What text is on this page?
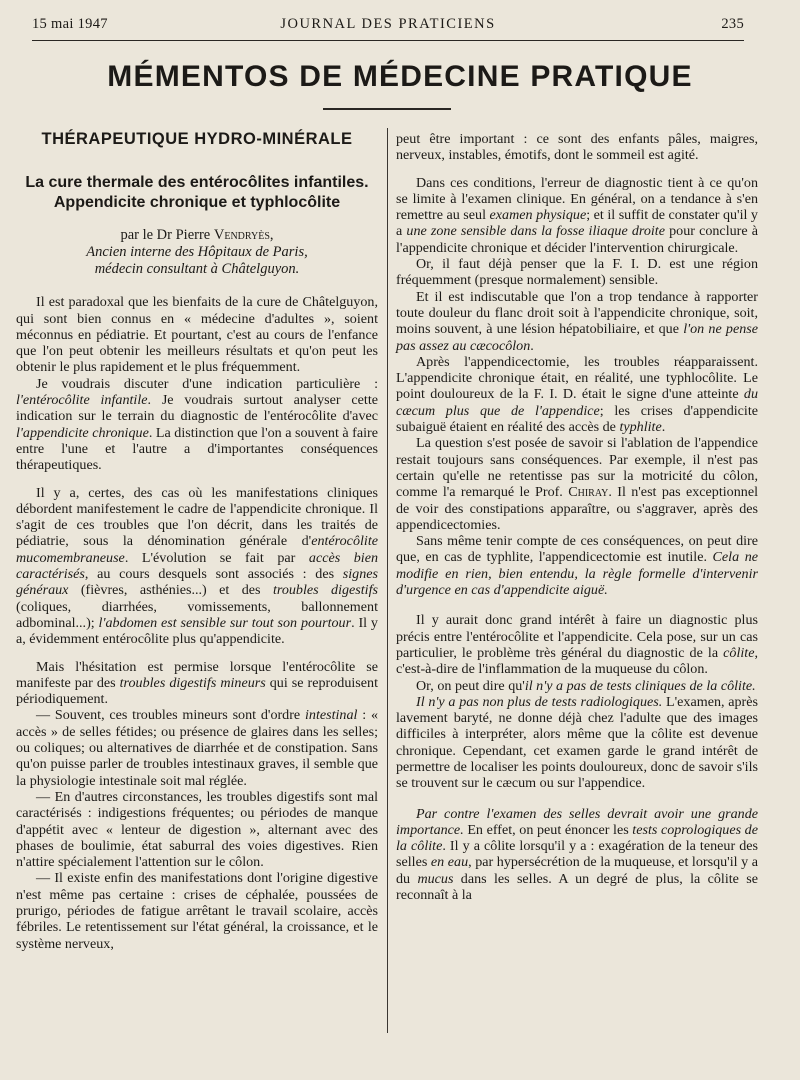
15 mai 1947	JOURNAL DES PRATICIENS	235
MÉMENTOS DE MÉDECINE PRATIQUE
THÉRAPEUTIQUE HYDRO-MINÉRALE
La cure thermale des entérocôlites infantiles.
Appendicite chronique et typhlocôlite
par le Dr Pierre Vendryès,
Ancien interne des Hôpitaux de Paris,
médecin consultant à Châtelguyon.

Il est paradoxal que les bienfaits de la cure de Châtelguyon, qui sont bien connus en « médecine d'adultes », soient méconnus en pédiatrie. Et pourtant, c'est au cours de l'enfance que l'on peut obtenir les meilleurs résultats et qu'on peut les obtenir le plus rapidement et le plus fréquemment.

Je voudrais discuter d'une indication particulière : l'entérocôlite infantile. Je voudrais surtout analyser cette indication sur le terrain du diagnostic de l'entérocôlite d'avec l'appendicite chronique. La distinction que l'on a souvent à faire entre l'une et l'autre a d'importantes conséquences thérapeutiques.

Il y a, certes, des cas où les manifestations cliniques débordent manifestement le cadre de l'appendicite chronique. Il s'agit de ces troubles que l'on décrit, dans les traités de pédiatrie, sous la dénomination générale d'entérocôlite mucomembraneuse. L'évolution se fait par accès bien caractérisés, au cours desquels sont associés : des signes généraux (fièvres, asthénies...) et des troubles digestifs (coliques, diarrhées, vomissements, ballonnement adbominal...); l'abdomen est sensible sur tout son pourtour. Il y a, évidemment entérocôlite plus qu'appendicite.

Mais l'hésitation est permise lorsque l'entérocôlite se manifeste par des troubles digestifs mineurs qui se reproduisent périodiquement.

— Souvent, ces troubles mineurs sont d'ordre intestinal : « accès » de selles fétides; ou présence de glaires dans les selles; ou coliques; ou alternatives de diarrhée et de constipation. Sans qu'on puisse parler de troubles intestinaux graves, il semble que la physiologie intestinale soit mal réglée.

— En d'autres circonstances, les troubles digestifs sont mal caractérisés : indigestions fréquentes; ou périodes de manque d'appétit avec « lenteur de digestion », alternant avec des phases de boulimie, état saburral des voies digestives. Rien n'attire spécialement l'attention sur le côlon.

— Il existe enfin des manifestations dont l'origine digestive n'est même pas certaine : crises de céphalée, poussées de prurigo, périodes de fatigue arrêtant le travail scolaire, accès fébriles. Le retentissement sur l'état général, la croissance, et le système nerveux,

peut être important : ce sont des enfants pâles, maigres, nerveux, instables, émotifs, dont le sommeil est agité.

Dans ces conditions, l'erreur de diagnostic tient à ce qu'on se limite à l'examen clinique. En général, on a tendance à s'en remettre au seul examen physique; et il suffit de constater qu'il y a une zone sensible dans la fosse iliaque droite pour conclure à l'appendicite chronique et décider l'intervention chirurgicale.

Or, il faut déjà penser que la F. I. D. est une région fréquemment (presque normalement) sensible.

Et il est indiscutable que l'on a trop tendance à rapporter toute douleur du flanc droit soit à l'appendicite chronique, soit, moins souvent, à une lésion hépatobiliaire, et que l'on ne pense pas assez au cæcocôlon.

Après l'appendicectomie, les troubles réapparaissent. L'appendicite chronique était, en réalité, une typhlocôlite. Le point douloureux de la F. I. D. était le signe d'une atteinte du cæcum plus que de l'appendice; les crises d'appendicite subaiguë étaient en réalité des accès de typhlite.

La question s'est posée de savoir si l'ablation de l'appendice restait toujours sans conséquences. Par exemple, il n'est pas certain qu'elle ne retentisse pas sur la motricité du côlon, comme l'a remarqué le Prof. Chiray. Il n'est pas exceptionnel de voir des constipations apparaître, ou s'aggraver, après des appendicectomies.

Sans même tenir compte de ces conséquences, on peut dire que, en cas de typhlite, l'appendicectomie est inutile. Cela ne modifie en rien, bien entendu, la règle formelle d'intervenir d'urgence en cas d'appendicite aiguë.

Il y aurait donc grand intérêt à faire un diagnostic plus précis entre l'entérocôlite et l'appendicite. Cela pose, sur un cas particulier, le problème très général du diagnostic de la côlite, c'est-à-dire de l'inflammation de la muqueuse du côlon.

Or, on peut dire qu'il n'y a pas de tests cliniques de la côlite.

Il n'y a pas non plus de tests radiologiques. L'examen, après lavement baryté, ne donne déjà chez l'adulte que des images difficiles à interpréter, alors même que la côlite est devenue chronique. Cependant, cet examen garde le grand intérêt de permettre de localiser les points douloureux, donc de savoir s'ils se trouvent sur le cæcum ou sur l'appendice.

Par contre l'examen des selles devrait avoir une grande importance. En effet, on peut énoncer les tests coprologiques de la côlite. Il y a côlite lorsqu'il y a : exagération de la teneur des selles en eau, par hypersécrétion de la muqueuse, et lorsqu'il y a du mucus dans les selles. A un degré de plus, la côlite se reconnaît à la
